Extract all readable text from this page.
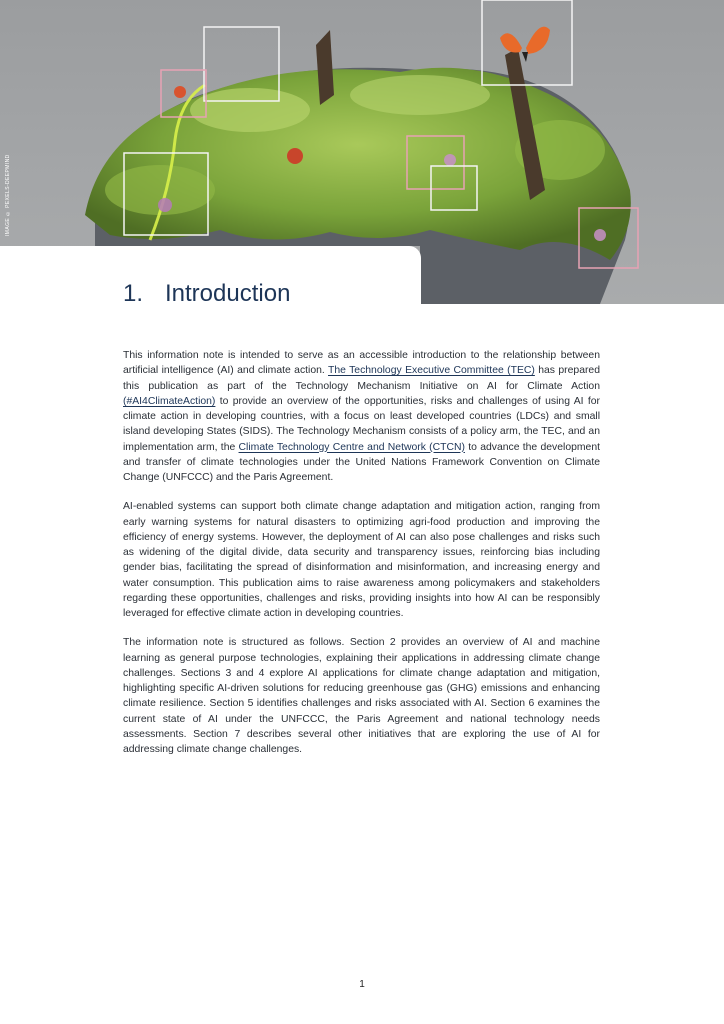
IMAGE © PEXELS-DEEPMIND
1. Introduction

This information note is intended to serve as an accessible introduction to the relationship between artificial intelligence (AI) and climate action. The Technology Executive Committee (TEC) has prepared this publication as part of the Technology Mechanism Initiative on AI for Climate Action (#AI4ClimateAction) to provide an overview of the opportunities, risks and challenges of using AI for climate action in developing countries, with a focus on least developed countries (LDCs) and small island developing States (SIDS). The Technology Mechanism consists of a policy arm, the TEC, and an implementation arm, the Climate Technology Centre and Network (CTCN) to advance the development and transfer of climate technologies under the United Nations Framework Convention on Climate Change (UNFCCC) and the Paris Agreement.

AI-enabled systems can support both climate change adaptation and mitigation action, ranging from early warning systems for natural disasters to optimizing agri-food production and improving the efficiency of energy systems. However, the deployment of AI can also pose challenges and risks such as widening of the digital divide, data security and transparency issues, reinforcing bias including gender bias, facilitating the spread of disinformation and misinformation, and increasing energy and water consumption. This publication aims to raise awareness among policymakers and stakeholders regarding these opportunities, challenges and risks, providing insights into how AI can be responsibly leveraged for effective climate action in developing countries.

The information note is structured as follows. Section 2 provides an overview of AI and machine learning as general purpose technologies, explaining their applications in addressing climate change challenges. Sections 3 and 4 explore AI applications for climate change adaptation and mitigation, highlighting specific AI-driven solutions for reducing greenhouse gas (GHG) emissions and enhancing climate resilience. Section 5 identifies challenges and risks associated with AI. Section 6 examines the current state of AI under the UNFCCC, the Paris Agreement and national technology needs assessments. Section 7 describes several other initiatives that are exploring the use of AI for addressing climate change challenges.

1
